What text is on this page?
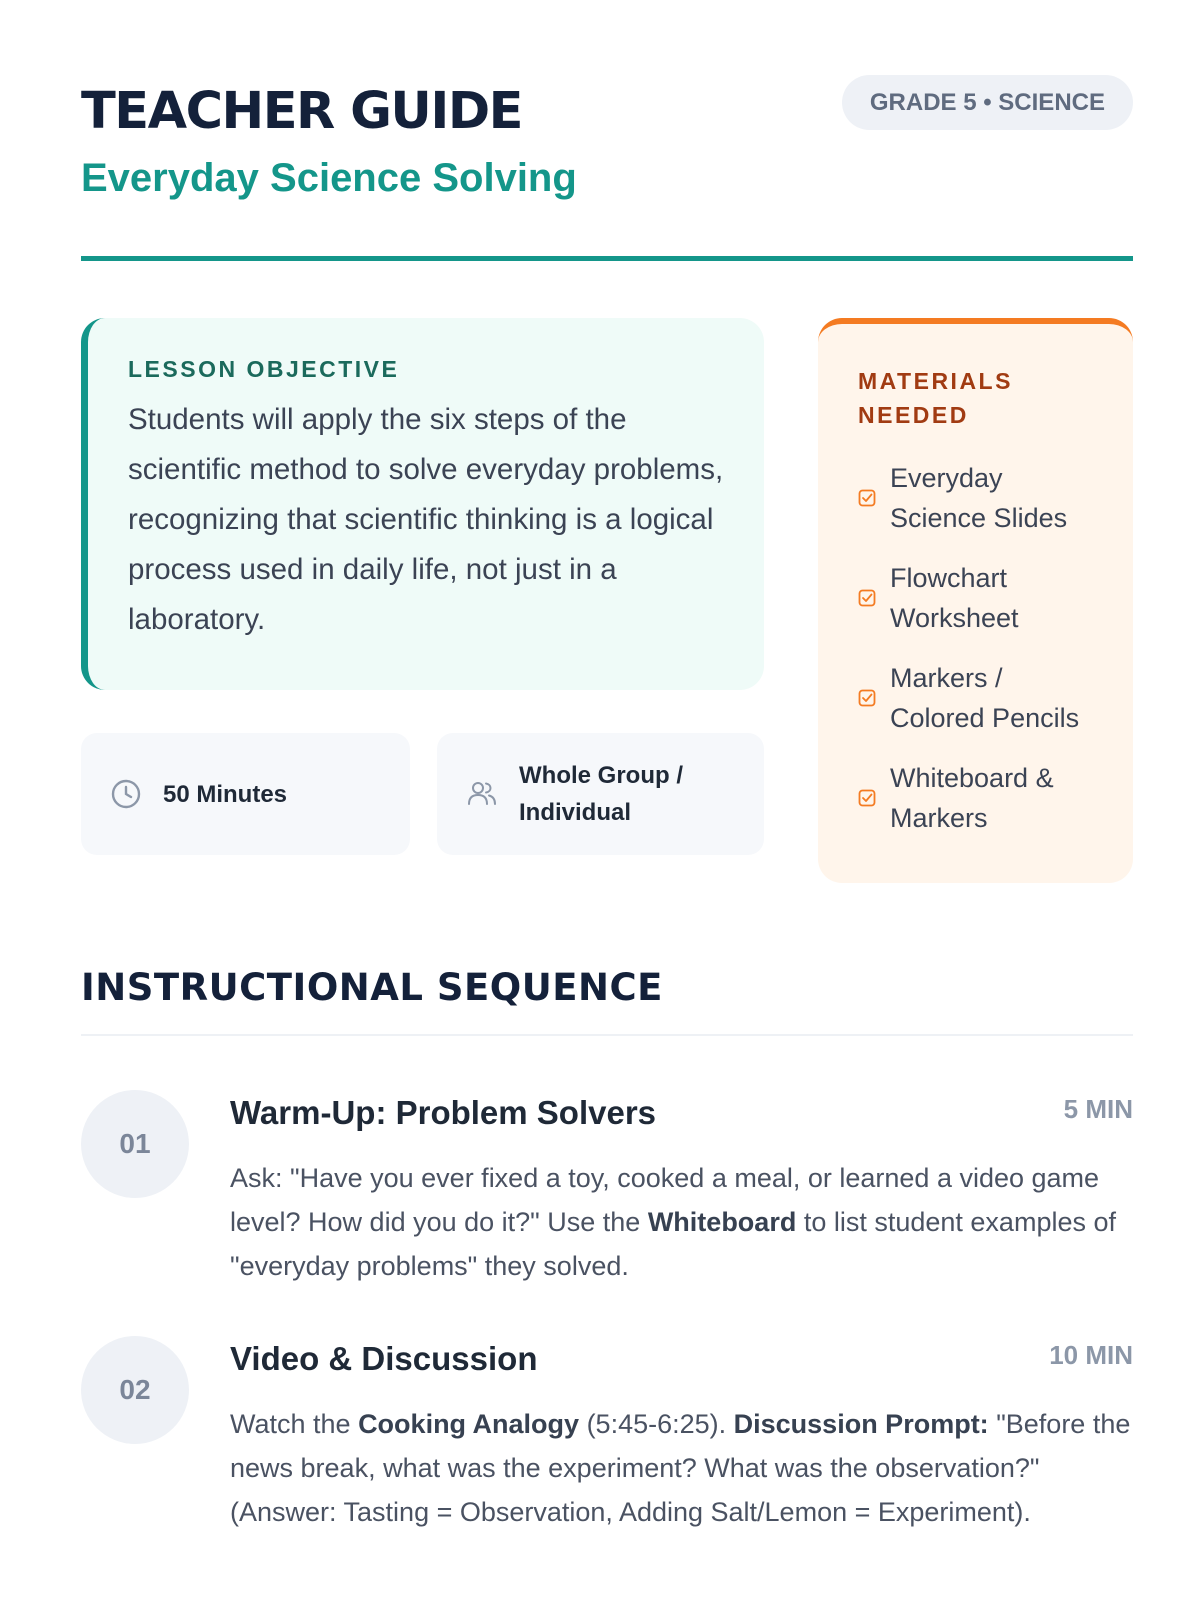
TEACHER GUIDE
Everyday Science Solving
GRADE 5 • SCIENCE
LESSON OBJECTIVE
Students will apply the six steps of the scientific method to solve everyday problems, recognizing that scientific thinking is a logical process used in daily life, not just in a laboratory.
50 Minutes
Whole Group /
Individual
MATERIALS
NEEDED
Everyday
Science Slides
Flowchart
Worksheet
Markers /
Colored Pencils
Whiteboard &
Markers
INSTRUCTIONAL SEQUENCE
01
Warm-Up: Problem Solvers	5 MIN
Ask: "Have you ever fixed a toy, cooked a meal, or learned a video game level? How did you do it?" Use the Whiteboard to list student examples of "everyday problems" they solved.
02
Video & Discussion	10 MIN
Watch the Cooking Analogy (5:45-6:25). Discussion Prompt: "Before the news break, what was the experiment? What was the observation?" (Answer: Tasting = Observation, Adding Salt/Lemon = Experiment).
